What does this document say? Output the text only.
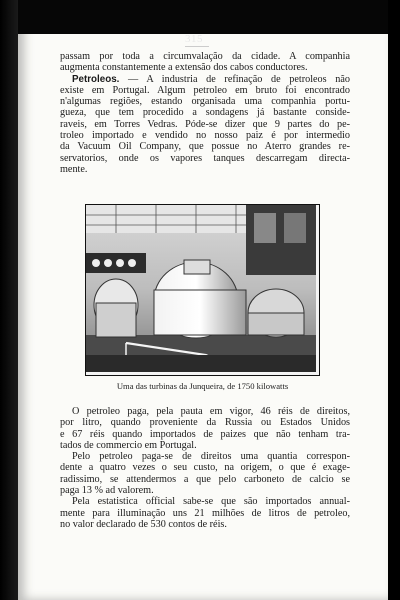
315
passam por toda a circumvalação da cidade. A companhia
augmenta constantemente a extensão dos cabos conductores.
Petroleos. — A industria de refinação de petroleos não
existe em Portugal. Algum petroleo em bruto foi encontrado
n'algumas regiões, estando organisada uma companhia portu-
gueza, que tem procedido a sondagens já bastante conside-
raveis, em Torres Vedras. Póde-se dizer que 9 partes do pe-
troleo importado e vendido no nosso paiz é por intermedio
da Vacuum Oil Company, que possue no Aterro grandes re-
servatorios, onde os vapores tanques descarregam directa-
mente.
Uma das turbinas da Junqueira, de 1750 kilowatts
O petroleo paga, pela pauta em vigor, 46 réis de direitos,
por litro, quando proveniente da Russia ou Estados Unidos
e 67 réis quando importados de paizes que não tenham tra-
tados de commercio em Portugal.
Pelo petroleo paga-se de direitos uma quantia correspon-
dente a quatro vezes o seu custo, na origem, o que é exage-
radissimo, se attendermos a que pelo carboneto de calcio se
paga 13 % ad valorem.
Pela estatistica official sabe-se que são importados annual-
mente para illuminação uns 21 milhões de litros de petroleo,
no valor declarado de 530 contos de réis.
